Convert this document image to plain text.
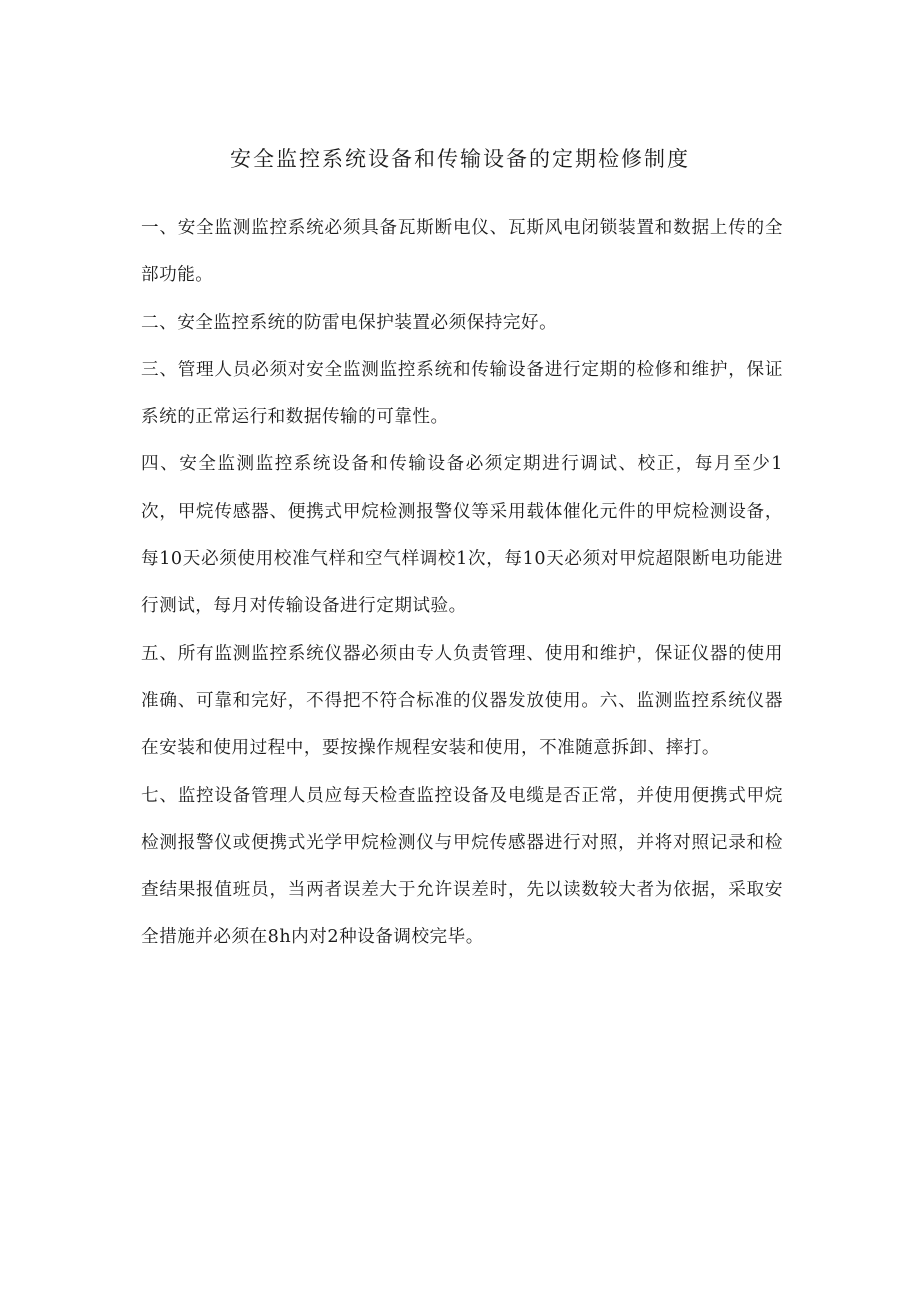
安全监控系统设备和传输设备的定期检修制度

一、安全监测监控系统必须具备瓦斯断电仪、瓦斯风电闭锁装置和数据上传的全部功能。

二、安全监控系统的防雷电保护装置必须保持完好。

三、管理人员必须对安全监测监控系统和传输设备进行定期的检修和维护，保证系统的正常运行和数据传输的可靠性。

四、安全监测监控系统设备和传输设备必须定期进行调试、校正，每月至少1次，甲烷传感器、便携式甲烷检测报警仪等采用载体催化元件的甲烷检测设备，每10天必须使用校准气样和空气样调校1次，每10天必须对甲烷超限断电功能进行测试，每月对传输设备进行定期试验。

五、所有监测监控系统仪器必须由专人负责管理、使用和维护，保证仪器的使用准确、可靠和完好，不得把不符合标准的仪器发放使用。六、监测监控系统仪器在安装和使用过程中，要按操作规程安装和使用，不准随意拆卸、摔打。

七、监控设备管理人员应每天检查监控设备及电缆是否正常，并使用便携式甲烷检测报警仪或便携式光学甲烷检测仪与甲烷传感器进行对照，并将对照记录和检查结果报值班员，当两者误差大于允许误差时，先以读数较大者为依据，采取安全措施并必须在8h内对2种设备调校完毕。
